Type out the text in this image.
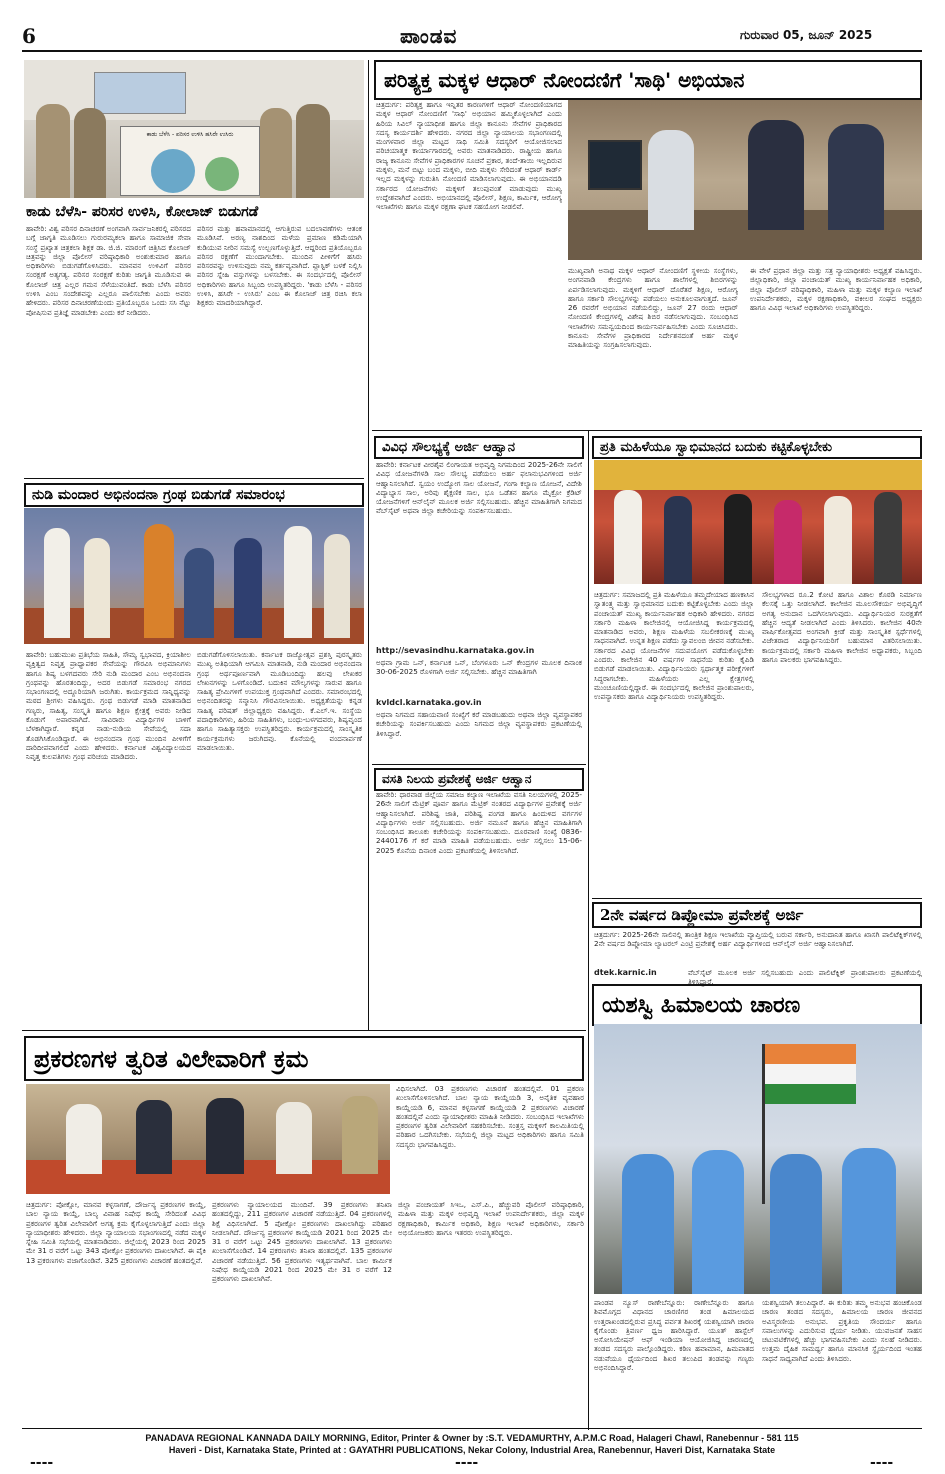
6	ಪಾಂಡವ	ಗುರುವಾರ 05, ಜೂನ್ 2025
ಕಾಡು ಬೆಳೆಸಿ - ಪರಿಸರ ಉಳಿಸಿ ಹಸಿರೇ ಉಸಿರು
ಕಾಡು ಬೆಳೆಸಿ- ಪರಿಸರ ಉಳಿಸಿ, ಕೋಲಾಜ್ ಬಿಡುಗಡೆ
ಹಾವೇರಿ: ವಿಶ್ವ ಪರಿಸರ ದಿನಾಚರಣೆ ಅಂಗವಾಗಿ ಸಾರ್ವಜನಿಕರಲ್ಲಿ ಪರಿಸರದ ಬಗ್ಗೆ ಜಾಗೃತಿ ಮೂಡಿಸಲು ಗುರುರಮ್ಯಕಲಾ ಹಾಗೂ ಸಾಮಾಜಿಕ ಸೇವಾ ಸಂಸ್ಥೆ ಪ್ರಖ್ಯಾತ ಚಿತ್ರಕಲಾ ಶಿಕ್ಷಕ ಡಾ. ಜಿ.ಜಿ. ಮಾರಂಗೆ ಚಿತ್ರಿಸಿದ ಕೊಲಾಜ್ ಚಿತ್ರವನ್ನು ಜಿಲ್ಲಾ ಪೊಲೀಸ್ ವರಿಷ್ಠಾಧಿಕಾರಿ ಅಂಶುಕುಮಾರ ಹಾಗೂ ಅಧಿಕಾರಿಗಳು ಬಿಡುಗಡೆಗೊಳಿಸಿದರು. ಮಾನವನ ಉಳಿವಿಗೆ ಪರಿಸರ ಸಂರಕ್ಷಣೆ ಅತ್ಯಗತ್ಯ. ಪರಿಸರ ಸಂರಕ್ಷಣೆ ಕುರಿತು ಜಾಗೃತಿ ಮೂಡಿಸುವ ಈ ಕೊಲಾಜ್ ಚಿತ್ರ ಎಲ್ಲರ ಗಮನ ಸೆಳೆಯುವಂತಿದೆ. ಕಾಡು ಬೆಳೆಸಿ ಪರಿಸರ ಉಳಿಸಿ ಎಂಬ ಸಂದೇಶವನ್ನು ಎಲ್ಲರೂ ಪಾಲಿಸಬೇಕು ಎಂದು ಅವರು ಹೇಳಿದರು. ಪರಿಸರ ದಿನಾಚರಣೆಯಂದು ಪ್ರತಿಯೊಬ್ಬರೂ ಒಂದು ಸಸಿ ನೆಟ್ಟು ಪೋಷಿಸುವ ಪ್ರತಿಜ್ಞೆ ಮಾಡಬೇಕು ಎಂದು ಕರೆ ನೀಡಿದರು.
ಪರಿಸರ ಮತ್ತು ಹವಾಮಾನದಲ್ಲಿ ಆಗುತ್ತಿರುವ ಬದಲಾವಣೆಗಳು ಆತಂಕ ಮೂಡಿಸಿವೆ. ಅರಣ್ಯ ನಾಶದಿಂದ ಮಳೆಯ ಪ್ರಮಾಣ ಕಡಿಮೆಯಾಗಿ ಕುಡಿಯುವ ನೀರಿನ ಸಮಸ್ಯೆ ಉಲ್ಬಣಗೊಳ್ಳುತ್ತಿದೆ. ಆದ್ದರಿಂದ ಪ್ರತಿಯೊಬ್ಬರೂ ಪರಿಸರ ರಕ್ಷಣೆಗೆ ಮುಂದಾಗಬೇಕು. ಮುಂದಿನ ಪೀಳಿಗೆಗೆ ಹಸಿರು ಪರಿಸರವನ್ನು ಉಳಿಸುವುದು ನಮ್ಮ ಕರ್ತವ್ಯವಾಗಿದೆ. ಪ್ಲಾಸ್ಟಿಕ್ ಬಳಕೆ ನಿಲ್ಲಿಸಿ ಪರಿಸರ ಸ್ನೇಹಿ ವಸ್ತುಗಳನ್ನು ಬಳಸಬೇಕು. ಈ ಸಂದರ್ಭದಲ್ಲಿ ಪೊಲೀಸ್ ಅಧಿಕಾರಿಗಳು ಹಾಗೂ ಸಿಬ್ಬಂದಿ ಉಪಸ್ಥಿತರಿದ್ದರು. 'ಕಾಡು ಬೆಳೆಸಿ - ಪರಿಸರ ಉಳಿಸಿ, ಹಸಿರೇ - ಉಸಿರು' ಎಂಬ ಈ ಕೊಲಾಜ್ ಚಿತ್ರ ರಚಿಸಿ ಕಲಾ ಶಿಕ್ಷಕರು ಮಾದರಿಯಾಗಿದ್ದಾರೆ.
ನುಡಿ ಮಂದಾರ ಅಭಿನಂದನಾ ಗ್ರಂಥ ಬಿಡುಗಡೆ ಸಮಾರಂಭ
ಹಾವೇರಿ: ಬಹುಮುಖ ಪ್ರತಿಭೆಯ ಸಾಹಿತಿ, ಸೌಮ್ಯ ಸ್ವಭಾವದ, ಕ್ರಿಯಾಶೀಲ ವ್ಯಕ್ತಿತ್ವದ ನಿವೃತ್ತ ಪ್ರಾಧ್ಯಾಪಕರ ಸೇವೆಯನ್ನು ಗೌರವಿಸಿ ಅಭಿಮಾನಿಗಳು ಹಾಗೂ ಶಿಷ್ಯ ಬಳಗದವರು ಸೇರಿ ನುಡಿ ಮಂದಾರ ಎಂಬ ಅಭಿನಂದನಾ ಗ್ರಂಥವನ್ನು ಹೊರತಂದಿದ್ದು, ಅದರ ಬಿಡುಗಡೆ ಸಮಾರಂಭ ನಗರದ ಸಭಾಂಗಣದಲ್ಲಿ ಅದ್ದೂರಿಯಾಗಿ ಜರುಗಿತು. ಕಾರ್ಯಕ್ರಮದ ಸಾನ್ನಿಧ್ಯವನ್ನು ಮಠದ ಶ್ರೀಗಳು ವಹಿಸಿದ್ದರು. ಗ್ರಂಥ ಬಿಡುಗಡೆ ಮಾಡಿ ಮಾತನಾಡಿದ ಗಣ್ಯರು, ಸಾಹಿತ್ಯ, ಸಂಸ್ಕೃತಿ ಹಾಗೂ ಶಿಕ್ಷಣ ಕ್ಷೇತ್ರಕ್ಕೆ ಅವರು ನೀಡಿದ ಕೊಡುಗೆ ಅಪಾರವಾಗಿದೆ. ಸಾವಿರಾರು ವಿದ್ಯಾರ್ಥಿಗಳ ಬಾಳಿಗೆ ಬೆಳಕಾಗಿದ್ದಾರೆ. ಕನ್ನಡ ನಾಡು-ನುಡಿಯ ಸೇವೆಯಲ್ಲಿ ಸದಾ ತೊಡಗಿಸಿಕೊಂಡಿದ್ದಾರೆ. ಈ ಅಭಿನಂದನಾ ಗ್ರಂಥ ಮುಂದಿನ ಪೀಳಿಗೆಗೆ ದಾರಿದೀಪವಾಗಲಿದೆ ಎಂದು ಹೇಳಿದರು. ಕರ್ನಾಟಕ ವಿಶ್ವವಿದ್ಯಾಲಯದ ನಿವೃತ್ತ ಕುಲಪತಿಗಳು ಗ್ರಂಥ ಪರಿಚಯ ಮಾಡಿದರು.
ಬಿಡುಗಡೆಗೊಳಿಸಲಾಯಿತು. ಕರ್ನಾಟಕ ರಾಜ್ಯೋತ್ಸವ ಪ್ರಶಸ್ತಿ ಪುರಸ್ಕೃತರು ಮುಖ್ಯ ಅತಿಥಿಯಾಗಿ ಆಗಮಿಸಿ ಮಾತನಾಡಿ, ನುಡಿ ಮಂದಾರ ಅಭಿನಂದನಾ ಗ್ರಂಥ ಅರ್ಥಪೂರ್ಣವಾಗಿ ಮೂಡಿಬಂದಿದ್ದು ಹಲವು ಲೇಖಕರ ಲೇಖನಗಳನ್ನು ಒಳಗೊಂಡಿದೆ. ಬದುಕಿನ ಮೌಲ್ಯಗಳನ್ನು ಸಾರುವ ಹಾಗೂ ಸಾಹಿತ್ಯ ಪ್ರೇಮಿಗಳಿಗೆ ಉಪಯುಕ್ತ ಗ್ರಂಥವಾಗಿದೆ ಎಂದರು. ಸಮಾರಂಭದಲ್ಲಿ ಅಭಿನಂದಿತರನ್ನು ಸನ್ಮಾನಿಸಿ ಗೌರವಿಸಲಾಯಿತು. ಅಧ್ಯಕ್ಷತೆಯನ್ನು ಕನ್ನಡ ಸಾಹಿತ್ಯ ಪರಿಷತ್ ಜಿಲ್ಲಾಧ್ಯಕ್ಷರು ವಹಿಸಿದ್ದರು. ಕೆ.ಎಲ್.ಇ. ಸಂಸ್ಥೆಯ ಪದಾಧಿಕಾರಿಗಳು, ಹಿರಿಯ ಸಾಹಿತಿಗಳು, ಬಂಧು-ಬಳಗದವರು, ಶಿಷ್ಯವೃಂದ ಹಾಗೂ ಸಾಹಿತ್ಯಾಸಕ್ತರು ಉಪಸ್ಥಿತರಿದ್ದರು. ಕಾರ್ಯಕ್ರಮದಲ್ಲಿ ಸಾಂಸ್ಕೃತಿಕ ಕಾರ್ಯಕ್ರಮಗಳು ಜರುಗಿದವು. ಕೊನೆಯಲ್ಲಿ ವಂದನಾರ್ಪಣೆ ಮಾಡಲಾಯಿತು.
ಪರಿತ್ಯಕ್ತ ಮಕ್ಕಳ ಆಧಾರ್ ನೋಂದಣಿಗೆ 'ಸಾಥಿ' ಅಭಿಯಾನ
ಚಿತ್ರದುರ್ಗ: ಪರಿತ್ಯಕ್ತ ಹಾಗೂ ಇನ್ನಿತರ ಕಾರಣಗಳಿಗೆ ಆಧಾರ್ ನೋಂದಣಿಯಾಗದ ಮಕ್ಕಳ ಆಧಾರ್ ನೋಂದಣಿಗೆ 'ಸಾಥಿ' ಅಭಿಯಾನ ಹಮ್ಮಿಕೊಳ್ಳಲಾಗಿದೆ ಎಂದು ಹಿರಿಯ ಸಿವಿಲ್ ನ್ಯಾಯಾಧೀಶ ಹಾಗೂ ಜಿಲ್ಲಾ ಕಾನೂನು ಸೇವೆಗಳ ಪ್ರಾಧಿಕಾರದ ಸದಸ್ಯ ಕಾರ್ಯದರ್ಶಿ ಹೇಳಿದರು. ನಗರದ ಜಿಲ್ಲಾ ನ್ಯಾಯಾಲಯ ಸಭಾಂಗಣದಲ್ಲಿ ಮಂಗಳವಾರ ಜಿಲ್ಲಾ ಮಟ್ಟದ ಸಾಥಿ ಸಮಿತಿ ಸದಸ್ಯರಿಗೆ ಆಯೋಜಿಸಲಾದ ಪರಿಚಯಾತ್ಮಕ ಕಾರ್ಯಾಗಾರದಲ್ಲಿ ಅವರು ಮಾತನಾಡಿದರು. ರಾಷ್ಟ್ರೀಯ ಹಾಗೂ ರಾಜ್ಯ ಕಾನೂನು ಸೇವೆಗಳ ಪ್ರಾಧಿಕಾರಗಳ ಸೂಚನೆ ಪ್ರಕಾರ, ತಂದೆ-ತಾಯಿ ಇಲ್ಲದಿರುವ ಮಕ್ಕಳು, ಮನೆ ಬಿಟ್ಟು ಬಂದ ಮಕ್ಕಳು, ಬೀದಿ ಮಕ್ಕಳು ಸೇರಿದಂತೆ ಆಧಾರ್ ಕಾರ್ಡ್ ಇಲ್ಲದ ಮಕ್ಕಳನ್ನು ಗುರುತಿಸಿ ನೋಂದಣಿ ಮಾಡಿಸಲಾಗುವುದು. ಈ ಅಭಿಯಾನದಡಿ ಸರ್ಕಾರದ ಯೋಜನೆಗಳು ಮಕ್ಕಳಿಗೆ ತಲುಪುವಂತೆ ಮಾಡುವುದು ಮುಖ್ಯ ಉದ್ದೇಶವಾಗಿದೆ ಎಂದರು. ಅಭಿಯಾನದಲ್ಲಿ ಪೊಲೀಸ್, ಶಿಕ್ಷಣ, ಕಾರ್ಮಿಕ, ಆರೋಗ್ಯ ಇಲಾಖೆಗಳು ಹಾಗೂ ಮಕ್ಕಳ ರಕ್ಷಣಾ ಘಟಕ ಸಹಯೋಗ ನೀಡಲಿವೆ.
ಮುಖ್ಯವಾಗಿ ಅನಾಥ ಮಕ್ಕಳ ಆಧಾರ್ ನೋಂದಣಿಗೆ ಸ್ಥಳೀಯ ಸಂಸ್ಥೆಗಳು, ಅಂಗನವಾಡಿ ಕೇಂದ್ರಗಳು ಹಾಗೂ ಶಾಲೆಗಳಲ್ಲಿ ಶಿಬಿರಗಳನ್ನು ಏರ್ಪಡಿಸಲಾಗುವುದು. ಮಕ್ಕಳಿಗೆ ಆಧಾರ್ ದೊರೆತರೆ ಶಿಕ್ಷಣ, ಆರೋಗ್ಯ ಹಾಗೂ ಸರ್ಕಾರಿ ಸೌಲಭ್ಯಗಳನ್ನು ಪಡೆಯಲು ಅನುಕೂಲವಾಗುತ್ತದೆ. ಜೂನ್ 26 ರವರೆಗೆ ಅಭಿಯಾನ ನಡೆಯಲಿದ್ದು, ಜೂನ್ 27 ರಂದು ಆಧಾರ್ ನೋಂದಣಿ ಕೇಂದ್ರಗಳಲ್ಲಿ ವಿಶೇಷ ಶಿಬಿರ ನಡೆಸಲಾಗುವುದು. ಸಂಬಂಧಿಸಿದ ಇಲಾಖೆಗಳು ಸಮನ್ವಯದಿಂದ ಕಾರ್ಯನಿರ್ವಹಿಸಬೇಕು ಎಂದು ಸೂಚಿಸಿದರು. ಕಾನೂನು ಸೇವೆಗಳ ಪ್ರಾಧಿಕಾರದ ನಿರ್ದೇಶನದಂತೆ ಅರ್ಹ ಮಕ್ಕಳ ಮಾಹಿತಿಯನ್ನು ಸಂಗ್ರಹಿಸಲಾಗುವುದು.
ಈ ವೇಳೆ ಪ್ರಧಾನ ಜಿಲ್ಲಾ ಮತ್ತು ಸತ್ರ ನ್ಯಾಯಾಧೀಶರು ಅಧ್ಯಕ್ಷತೆ ವಹಿಸಿದ್ದರು. ಜಿಲ್ಲಾಧಿಕಾರಿ, ಜಿಲ್ಲಾ ಪಂಚಾಯತ್ ಮುಖ್ಯ ಕಾರ್ಯನಿರ್ವಾಹಕ ಅಧಿಕಾರಿ, ಜಿಲ್ಲಾ ಪೊಲೀಸ್ ವರಿಷ್ಠಾಧಿಕಾರಿ, ಮಹಿಳಾ ಮತ್ತು ಮಕ್ಕಳ ಕಲ್ಯಾಣ ಇಲಾಖೆ ಉಪನಿರ್ದೇಶಕರು, ಮಕ್ಕಳ ರಕ್ಷಣಾಧಿಕಾರಿ, ವಕೀಲರ ಸಂಘದ ಅಧ್ಯಕ್ಷರು ಹಾಗೂ ವಿವಿಧ ಇಲಾಖೆ ಅಧಿಕಾರಿಗಳು ಉಪಸ್ಥಿತರಿದ್ದರು.
ವಿವಿಧ ಸೌಲಭ್ಯಕ್ಕೆ ಅರ್ಜಿ ಆಹ್ವಾನ
ಹಾವೇರಿ: ಕರ್ನಾಟಕ ವೀರಶೈವ ಲಿಂಗಾಯತ ಅಭಿವೃದ್ಧಿ ನಿಗಮದಿಂದ 2025-26ನೇ ಸಾಲಿಗೆ ವಿವಿಧ ಯೋಜನೆಗಳಡಿ ಸಾಲ ಸೌಲಭ್ಯ ಪಡೆಯಲು ಅರ್ಹ ಫಲಾನುಭವಿಗಳಿಂದ ಅರ್ಜಿ ಆಹ್ವಾನಿಸಲಾಗಿದೆ. ಸ್ವಯಂ ಉದ್ಯೋಗ ಸಾಲ ಯೋಜನೆ, ಗಂಗಾ ಕಲ್ಯಾಣ ಯೋಜನೆ, ವಿದೇಶಿ ವಿದ್ಯಾಭ್ಯಾಸ ಸಾಲ, ಅರಿವು ಶೈಕ್ಷಣಿಕ ಸಾಲ, ಭೂ ಒಡೆತನ ಹಾಗೂ ಮೈಕ್ರೋ ಕ್ರೆಡಿಟ್ ಯೋಜನೆಗಳಿಗೆ ಆನ್‌ಲೈನ್ ಮೂಲಕ ಅರ್ಜಿ ಸಲ್ಲಿಸಬಹುದು. ಹೆಚ್ಚಿನ ಮಾಹಿತಿಗಾಗಿ ನಿಗಮದ ವೆಬ್‌ಸೈಟ್ ಅಥವಾ ಜಿಲ್ಲಾ ಕಚೇರಿಯನ್ನು ಸಂಪರ್ಕಿಸಬಹುದು.
http://sevasindhu.karnataka.gov.in
ಅಥವಾ ಗ್ರಾಮ ಒನ್, ಕರ್ನಾಟಕ ಒನ್, ಬೆಂಗಳೂರು ಒನ್ ಕೇಂದ್ರಗಳ ಮೂಲಕ ದಿನಾಂಕ 30-06-2025 ರೊಳಗಾಗಿ ಅರ್ಜಿ ಸಲ್ಲಿಸಬೇಕು. ಹೆಚ್ಚಿನ ಮಾಹಿತಿಗಾಗಿ
kvldcl.karnataka.gov.in
ಅಥವಾ ನಿಗಮದ ಸಹಾಯವಾಣಿ ಸಂಖ್ಯೆಗೆ ಕರೆ ಮಾಡಬಹುದು ಅಥವಾ ಜಿಲ್ಲಾ ವ್ಯವಸ್ಥಾಪಕರ ಕಚೇರಿಯನ್ನು ಸಂಪರ್ಕಿಸಬಹುದು ಎಂದು ನಿಗಮದ ಜಿಲ್ಲಾ ವ್ಯವಸ್ಥಾಪಕರು ಪ್ರಕಟಣೆಯಲ್ಲಿ ತಿಳಿಸಿದ್ದಾರೆ.
ವಸತಿ ನಿಲಯ ಪ್ರವೇಶಕ್ಕೆ ಅರ್ಜಿ ಆಹ್ವಾನ
ಹಾವೇರಿ: ಧಾರವಾಡ ಜಿಲ್ಲೆಯ ಸಮಾಜ ಕಲ್ಯಾಣ ಇಲಾಖೆಯ ವಸತಿ ನಿಲಯಗಳಲ್ಲಿ 2025-26ನೇ ಸಾಲಿಗೆ ಮೆಟ್ರಿಕ್ ಪೂರ್ವ ಹಾಗೂ ಮೆಟ್ರಿಕ್ ನಂತರದ ವಿದ್ಯಾರ್ಥಿಗಳ ಪ್ರವೇಶಕ್ಕೆ ಅರ್ಜಿ ಆಹ್ವಾನಿಸಲಾಗಿದೆ. ಪರಿಶಿಷ್ಟ ಜಾತಿ, ಪರಿಶಿಷ್ಟ ಪಂಗಡ ಹಾಗೂ ಹಿಂದುಳಿದ ವರ್ಗಗಳ ವಿದ್ಯಾರ್ಥಿಗಳು ಅರ್ಜಿ ಸಲ್ಲಿಸಬಹುದು. ಅರ್ಜಿ ನಮೂನೆ ಹಾಗೂ ಹೆಚ್ಚಿನ ಮಾಹಿತಿಗಾಗಿ ಸಂಬಂಧಿಸಿದ ತಾಲೂಕು ಕಚೇರಿಯನ್ನು ಸಂಪರ್ಕಿಸಬಹುದು. ದೂರವಾಣಿ ಸಂಖ್ಯೆ 0836-2440176 ಗೆ ಕರೆ ಮಾಡಿ ಮಾಹಿತಿ ಪಡೆಯಬಹುದು. ಅರ್ಜಿ ಸಲ್ಲಿಸಲು 15-06-2025 ಕೊನೆಯ ದಿನಾಂಕ ಎಂದು ಪ್ರಕಟಣೆಯಲ್ಲಿ ತಿಳಿಸಲಾಗಿದೆ.
ಪ್ರತಿ ಮಹಿಳೆಯೂ ಸ್ವಾಭಿಮಾನದ ಬದುಕು ಕಟ್ಟಿಕೊಳ್ಳಬೇಕು
ಚಿತ್ರದುರ್ಗ: ಸಮಾಜದಲ್ಲಿ ಪ್ರತಿ ಮಹಿಳೆಯೂ ತಮ್ಮದೇಯಾದ ಹಣಕಾಸಿನ ಸ್ವಾತಂತ್ರ್ಯ ಮತ್ತು ಸ್ವಾಭಿಮಾನದ ಬದುಕು ಕಟ್ಟಿಕೊಳ್ಳಬೇಕು ಎಂದು ಜಿಲ್ಲಾ ಪಂಚಾಯತ್ ಮುಖ್ಯ ಕಾರ್ಯನಿರ್ವಾಹಕ ಅಧಿಕಾರಿ ಹೇಳಿದರು. ನಗರದ ಸರ್ಕಾರಿ ಮಹಿಳಾ ಕಾಲೇಜಿನಲ್ಲಿ ಆಯೋಜಿಸಿದ್ದ ಕಾರ್ಯಕ್ರಮದಲ್ಲಿ ಮಾತನಾಡಿದ ಅವರು, ಶಿಕ್ಷಣ ಮಹಿಳೆಯ ಸಬಲೀಕರಣಕ್ಕೆ ಮುಖ್ಯ ಸಾಧನವಾಗಿದೆ. ಉನ್ನತ ಶಿಕ್ಷಣ ಪಡೆದು ಸ್ವಾವಲಂಬಿ ಜೀವನ ನಡೆಸಬೇಕು. ಸರ್ಕಾರದ ವಿವಿಧ ಯೋಜನೆಗಳ ಸದುಪಯೋಗ ಪಡೆದುಕೊಳ್ಳಬೇಕು ಎಂದರು. ಕಾಲೇಜಿನ 40 ವರ್ಷಗಳ ಸಾಧನೆಯ ಕುರಿತು ಕೈಪಿಡಿ ಬಿಡುಗಡೆ ಮಾಡಲಾಯಿತು. ವಿದ್ಯಾರ್ಥಿನಿಯರು ಸ್ಪರ್ಧಾತ್ಮಕ ಪರೀಕ್ಷೆಗಳಿಗೆ ಸಿದ್ಧರಾಗಬೇಕು. ಮಹಿಳೆಯರು ಎಲ್ಲ ಕ್ಷೇತ್ರಗಳಲ್ಲಿ ಮುಂಚೂಣಿಯಲ್ಲಿದ್ದಾರೆ. ಈ ಸಂದರ್ಭದಲ್ಲಿ ಕಾಲೇಜಿನ ಪ್ರಾಂಶುಪಾಲರು, ಉಪನ್ಯಾಸಕರು ಹಾಗೂ ವಿದ್ಯಾರ್ಥಿನಿಯರು ಉಪಸ್ಥಿತರಿದ್ದರು.
ಸೌಲಭ್ಯಗಳಾದ ರೂ.2 ಕೋಟಿ ಹಾಗೂ ವಿಶಾಲ ಕೊಠಡಿ ನಿರ್ಮಾಣ ಕೆಲಸಕ್ಕೆ ಒತ್ತು ನೀಡಲಾಗಿದೆ. ಕಾಲೇಜಿನ ಮೂಲಸೌಕರ್ಯ ಅಭಿವೃದ್ಧಿಗೆ ಅಗತ್ಯ ಅನುದಾನ ಒದಗಿಸಲಾಗುವುದು. ವಿದ್ಯಾರ್ಥಿನಿಯರ ಸುರಕ್ಷತೆಗೆ ಹೆಚ್ಚಿನ ಆದ್ಯತೆ ನೀಡಲಾಗಿದೆ ಎಂದು ತಿಳಿಸಿದರು. ಕಾಲೇಜಿನ 40ನೇ ವಾರ್ಷಿಕೋತ್ಸವದ ಅಂಗವಾಗಿ ಕ್ರೀಡೆ ಮತ್ತು ಸಾಂಸ್ಕೃತಿಕ ಸ್ಪರ್ಧೆಗಳಲ್ಲಿ ವಿಜೇತರಾದ ವಿದ್ಯಾರ್ಥಿನಿಯರಿಗೆ ಬಹುಮಾನ ವಿತರಿಸಲಾಯಿತು. ಕಾರ್ಯಕ್ರಮದಲ್ಲಿ ಸರ್ಕಾರಿ ಮಹಿಳಾ ಕಾಲೇಜಿನ ಅಧ್ಯಾಪಕರು, ಸಿಬ್ಬಂದಿ ಹಾಗೂ ಪಾಲಕರು ಭಾಗವಹಿಸಿದ್ದರು.
2ನೇ ವರ್ಷದ ಡಿಪ್ಲೋಮಾ ಪ್ರವೇಶಕ್ಕೆ ಅರ್ಜಿ
ಚಿತ್ರದುರ್ಗ: 2025-26ನೇ ಸಾಲಿನಲ್ಲಿ ತಾಂತ್ರಿಕ ಶಿಕ್ಷಣ ಇಲಾಖೆಯ ವ್ಯಾಪ್ತಿಯಲ್ಲಿ ಬರುವ ಸರ್ಕಾರಿ, ಅನುದಾನಿತ ಹಾಗೂ ಖಾಸಗಿ ಪಾಲಿಟೆಕ್ನಿಕ್‌ಗಳಲ್ಲಿ 2ನೇ ವರ್ಷದ ಡಿಪ್ಲೋಮಾ ಲ್ಯಾಟರಲ್ ಎಂಟ್ರಿ ಪ್ರವೇಶಕ್ಕೆ ಅರ್ಹ ವಿದ್ಯಾರ್ಥಿಗಳಿಂದ ಆನ್‌ಲೈನ್ ಅರ್ಜಿ ಆಹ್ವಾನಿಸಲಾಗಿದೆ.
dtek.karnic.in	ವೆಬ್‌ಸೈಟ್ ಮೂಲಕ ಅರ್ಜಿ ಸಲ್ಲಿಸಬಹುದು ಎಂದು ಪಾಲಿಟೆಕ್ನಿಕ್ ಪ್ರಾಂಶುಪಾಲರು ಪ್ರಕಟಣೆಯಲ್ಲಿ ತಿಳಿಸಿದ್ದಾರೆ.
ಯಶಸ್ವಿ ಹಿಮಾಲಯ ಚಾರಣ
ಪಾಂಡವ ನ್ಯೂಸ್ ರಾಣೇಬೆನ್ನೂರು: ರಾಣೇಬೆನ್ನೂರು ಹಾಗೂ ಶಿವಮೊಗ್ಗದ ವಿಧಾನದ ಚಾರಣಿಗರ ತಂಡ ಹಿಮಾಲಯದ ಉತ್ತರಾಖಂಡದಲ್ಲಿರುವ ಪ್ರಸಿದ್ಧ ಪರ್ವತ ಶಿಖರಕ್ಕೆ ಯಶಸ್ವಿಯಾಗಿ ಚಾರಣ ಕೈಗೊಂಡು ತ್ರಿವರ್ಣ ಧ್ವಜ ಹಾರಿಸಿದ್ದಾರೆ. ಯೂತ್ ಹಾಸ್ಟೆಲ್ ಅಸೋಸಿಯೇಷನ್ ಆಫ್ ಇಂಡಿಯಾ ಆಯೋಜಿಸಿದ್ದ ಚಾರಣದಲ್ಲಿ ತಂಡದ ಸದಸ್ಯರು ಪಾಲ್ಗೊಂಡಿದ್ದರು. ಕಠಿಣ ಹವಾಮಾನ, ಹಿಮಪಾತದ ನಡುವೆಯೂ ಧೈರ್ಯದಿಂದ ಶಿಖರ ತಲುಪಿದ ತಂಡವನ್ನು ಗಣ್ಯರು ಅಭಿನಂದಿಸಿದ್ದಾರೆ.
ಯಶಸ್ವಿಯಾಗಿ ತಲುಪಿದ್ದಾರೆ. ಈ ಕುರಿತು ತಮ್ಮ ಅನುಭವ ಹಂಚಿಕೊಂಡ ಚಾರಣ ತಂಡದ ಸದಸ್ಯರು, ಹಿಮಾಲಯ ಚಾರಣ ಜೀವನದ ಅವಿಸ್ಮರಣೀಯ ಅನುಭವ. ಪ್ರಕೃತಿಯ ಸೌಂದರ್ಯ ಹಾಗೂ ಸವಾಲುಗಳನ್ನು ಎದುರಿಸುವ ಧೈರ್ಯ ನೀಡಿತು. ಯುವಜನತೆ ಸಾಹಸ ಚಟುವಟಿಕೆಗಳಲ್ಲಿ ಹೆಚ್ಚು ಭಾಗವಹಿಸಬೇಕು ಎಂದು ಸಲಹೆ ನೀಡಿದರು. ಉತ್ತಮ ದೈಹಿಕ ಸಾಮರ್ಥ್ಯ ಹಾಗೂ ಮಾನಸಿಕ ಸ್ಥೈರ್ಯದಿಂದ ಇಂತಹ ಸಾಧನೆ ಸಾಧ್ಯವಾಗಿದೆ ಎಂದು ತಿಳಿಸಿದರು.
ಪ್ರಕರಣಗಳ ತ್ವರಿತ ವಿಲೇವಾರಿಗೆ ಕ್ರಮ
ವಿಧಿಸಲಾಗಿದೆ. 03 ಪ್ರಕರಣಗಳು ವಿಚಾರಣೆ ಹಂತದಲ್ಲಿವೆ. 01 ಪ್ರಕರಣ ಖುಲಾಸೆಗೊಳಿಸಲಾಗಿದೆ. ಬಾಲ ನ್ಯಾಯ ಕಾಯ್ದೆಯಡಿ 3, ಅನೈತಿಕ ವ್ಯವಹಾರ ಕಾಯ್ದೆಯಡಿ 6, ಮಾನವ ಕಳ್ಳಸಾಗಣೆ ಕಾಯ್ದೆಯಡಿ 2 ಪ್ರಕರಣಗಳು ವಿಚಾರಣೆ ಹಂತದಲ್ಲಿವೆ ಎಂದು ನ್ಯಾಯಾಧೀಶರು ಮಾಹಿತಿ ನೀಡಿದರು. ಸಂಬಂಧಿಸಿದ ಇಲಾಖೆಗಳು ಪ್ರಕರಣಗಳ ತ್ವರಿತ ವಿಲೇವಾರಿಗೆ ಸಹಕರಿಸಬೇಕು. ಸಂತ್ರಸ್ತ ಮಕ್ಕಳಿಗೆ ಕಾಲಮಿತಿಯಲ್ಲಿ ಪರಿಹಾರ ಒದಗಿಸಬೇಕು. ಸಭೆಯಲ್ಲಿ ಜಿಲ್ಲಾ ಮಟ್ಟದ ಅಧಿಕಾರಿಗಳು ಹಾಗೂ ಸಮಿತಿ ಸದಸ್ಯರು ಭಾಗವಹಿಸಿದ್ದರು.
ಚಿತ್ರದುರ್ಗ: ಪೋಕ್ಸೋ, ಮಾನವ ಕಳ್ಳಸಾಗಣೆ, ದೌರ್ಜನ್ಯ ಪ್ರಕರಣಗಳ ಕಾಯ್ದೆ, ಬಾಲ ನ್ಯಾಯ ಕಾಯ್ದೆ, ಬಾಲ್ಯ ವಿವಾಹ ನಿಷೇಧ ಕಾಯ್ದೆ ಸೇರಿದಂತೆ ವಿವಿಧ ಪ್ರಕರಣಗಳ ತ್ವರಿತ ವಿಲೇವಾರಿಗೆ ಅಗತ್ಯ ಕ್ರಮ ಕೈಗೊಳ್ಳಲಾಗುತ್ತಿದೆ ಎಂದು ಜಿಲ್ಲಾ ನ್ಯಾಯಾಧೀಶರು ಹೇಳಿದರು. ಜಿಲ್ಲಾ ನ್ಯಾಯಾಲಯ ಸಭಾಂಗಣದಲ್ಲಿ ನಡೆದ ಮಕ್ಕಳ ಸ್ನೇಹಿ ಸಮಿತಿ ಸಭೆಯಲ್ಲಿ ಮಾತನಾಡಿದರು. ಜಿಲ್ಲೆಯಲ್ಲಿ 2023 ರಿಂದ 2025 ಮೇ 31 ರ ವರೆಗೆ ಒಟ್ಟು 343 ಪೋಕ್ಸೋ ಪ್ರಕರಣಗಳು ದಾಖಲಾಗಿವೆ. ಈ ಪೈಕಿ 13 ಪ್ರಕರಣಗಳು ವಜಾಗೊಂಡಿವೆ. 325 ಪ್ರಕರಣಗಳು ವಿಚಾರಣೆ ಹಂತದಲ್ಲಿವೆ.
ಪ್ರಕರಣಗಳು ನ್ಯಾಯಾಲಯದ ಮುಂದಿವೆ. 39 ಪ್ರಕರಣಗಳು ತನಿಖಾ ಹಂತದಲ್ಲಿದ್ದು, 211 ಪ್ರಕರಣಗಳ ವಿಚಾರಣೆ ನಡೆಯುತ್ತಿದೆ. 04 ಪ್ರಕರಣಗಳಲ್ಲಿ ಶಿಕ್ಷೆ ವಿಧಿಸಲಾಗಿದೆ. 5 ಪೋಕ್ಸೋ ಪ್ರಕರಣಗಳು ದಾಖಲಾಗಿದ್ದು ಪರಿಹಾರ ನೀಡಲಾಗಿದೆ. ದೌರ್ಜನ್ಯ ಪ್ರಕರಣಗಳ ಕಾಯ್ದೆಯಡಿ 2021 ರಿಂದ 2025 ಮೇ 31 ರ ವರೆಗೆ ಒಟ್ಟು 245 ಪ್ರಕರಣಗಳು ದಾಖಲಾಗಿವೆ. 13 ಪ್ರಕರಣಗಳು ಖುಲಾಸೆಗೊಂಡಿವೆ. 14 ಪ್ರಕರಣಗಳು ತನಿಖಾ ಹಂತದಲ್ಲಿವೆ. 135 ಪ್ರಕರಣಗಳ ವಿಚಾರಣೆ ನಡೆಯುತ್ತಿದೆ. 56 ಪ್ರಕರಣಗಳು ಇತ್ಯರ್ಥವಾಗಿವೆ. ಬಾಲ ಕಾರ್ಮಿಕ ನಿಷೇಧ ಕಾಯ್ದೆಯಡಿ 2021 ರಿಂದ 2025 ಮೇ 31 ರ ವರೆಗೆ 12 ಪ್ರಕರಣಗಳು ದಾಖಲಾಗಿವೆ.
ಜಿಲ್ಲಾ ಪಂಚಾಯತ್ ಸಿಇಒ, ಎಸ್.ಪಿ., ಹೆಚ್ಚುವರಿ ಪೊಲೀಸ್ ವರಿಷ್ಠಾಧಿಕಾರಿ, ಮಹಿಳಾ ಮತ್ತು ಮಕ್ಕಳ ಅಭಿವೃದ್ಧಿ ಇಲಾಖೆ ಉಪನಿರ್ದೇಶಕರು, ಜಿಲ್ಲಾ ಮಕ್ಕಳ ರಕ್ಷಣಾಧಿಕಾರಿ, ಕಾರ್ಮಿಕ ಅಧಿಕಾರಿ, ಶಿಕ್ಷಣ ಇಲಾಖೆ ಅಧಿಕಾರಿಗಳು, ಸರ್ಕಾರಿ ಅಭಿಯೋಜಕರು ಹಾಗೂ ಇತರರು ಉಪಸ್ಥಿತರಿದ್ದರು.
PANADAVA REGIONAL KANNADA DAILY MORNING, Editor, Printer & Owner by :S.T. VEDAMURTHY, A.P.M.C Road, Halageri Chawl, Ranebennur - 581 115
Haveri - Dist, Karnataka State, Printed at : GAYATHRI PUBLICATIONS, Nekar Colony, Industrial Area, Ranebennur, Haveri Dist, Karnataka State
----	----	----
